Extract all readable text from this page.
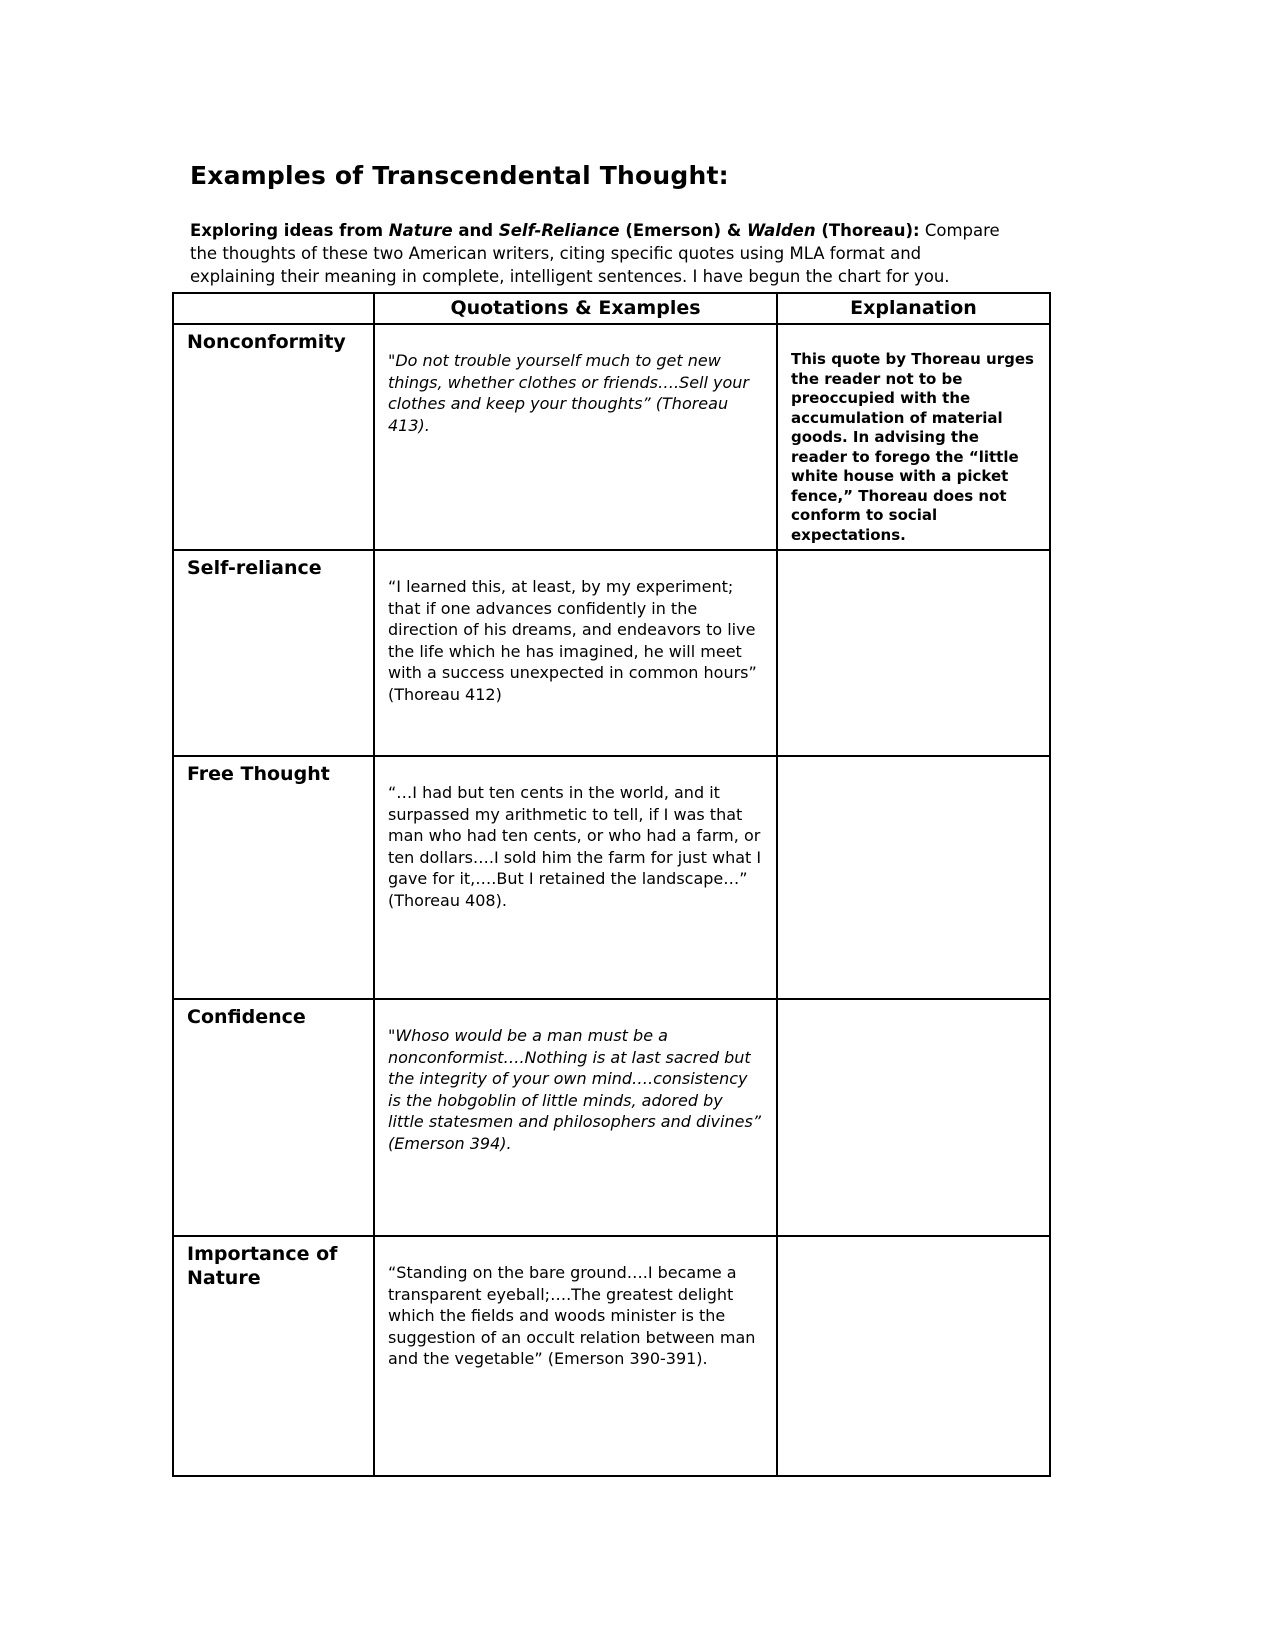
Examples of Transcendental Thought:

Exploring ideas from Nature and Self-Reliance (Emerson) & Walden (Thoreau): Compare the thoughts of these two American writers, citing specific quotes using MLA format and explaining their meaning in complete, intelligent sentences. I have begun the chart for you.

	Quotations & Examples	Explanation

Nonconformity	"Do not trouble yourself much to get new things, whether clothes or friends….Sell your clothes and keep your thoughts” (Thoreau 413).	This quote by Thoreau urges the reader not to be preoccupied with the accumulation of material goods. In advising the reader to forego the “little white house with a picket fence,” Thoreau does not conform to social expectations.

Self-reliance	“I learned this, at least, by my experiment; that if one advances confidently in the direction of his dreams, and endeavors to live the life which he has imagined, he will meet with a success unexpected in common hours” (Thoreau 412)	

Free Thought	“…I had but ten cents in the world, and it surpassed my arithmetic to tell, if I was that man who had ten cents, or who had a farm, or ten dollars….I sold him the farm for just what I gave for it,….But I retained the landscape…” (Thoreau 408).	

Confidence	"Whoso would be a man must be a nonconformist….Nothing is at last sacred but the integrity of your own mind….consistency is the hobgoblin of little minds, adored by little statesmen and philosophers and divines” (Emerson 394).	

Importance of Nature	“Standing on the bare ground….I became a transparent eyeball;….The greatest delight which the fields and woods minister is the suggestion of an occult relation between man and the vegetable” (Emerson 390-391).	
